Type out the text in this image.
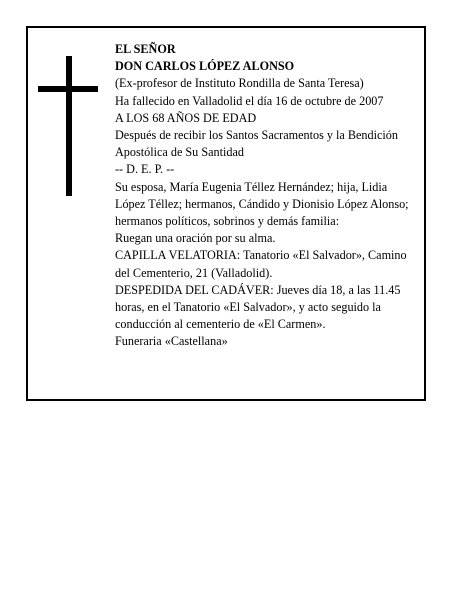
EL SEÑOR

DON CARLOS LÓPEZ ALONSO

(Ex-profesor de Instituto Rondilla de Santa Teresa)

Ha fallecido en Valladolid el día 16 de octubre de 2007

A LOS 68 AÑOS DE EDAD

Después de recibir los Santos Sacramentos y la Bendición Apostólica de Su Santidad

-- D. E. P. --

Su esposa, María Eugenia Téllez Hernández; hija, Lidia López Téllez; hermanos, Cándido y Dionisio López Alonso; hermanos políticos, sobrinos y demás familia:

Ruegan una oración por su alma.

CAPILLA VELATORIA: Tanatorio «El Salvador», Camino del Cementerio, 21 (Valladolid).

DESPEDIDA DEL CADÁVER: Jueves día 18, a las 11.45 horas, en el Tanatorio «El Salvador», y acto seguido la conducción al cementerio de «El Carmen».

Funeraria «Castellana»
